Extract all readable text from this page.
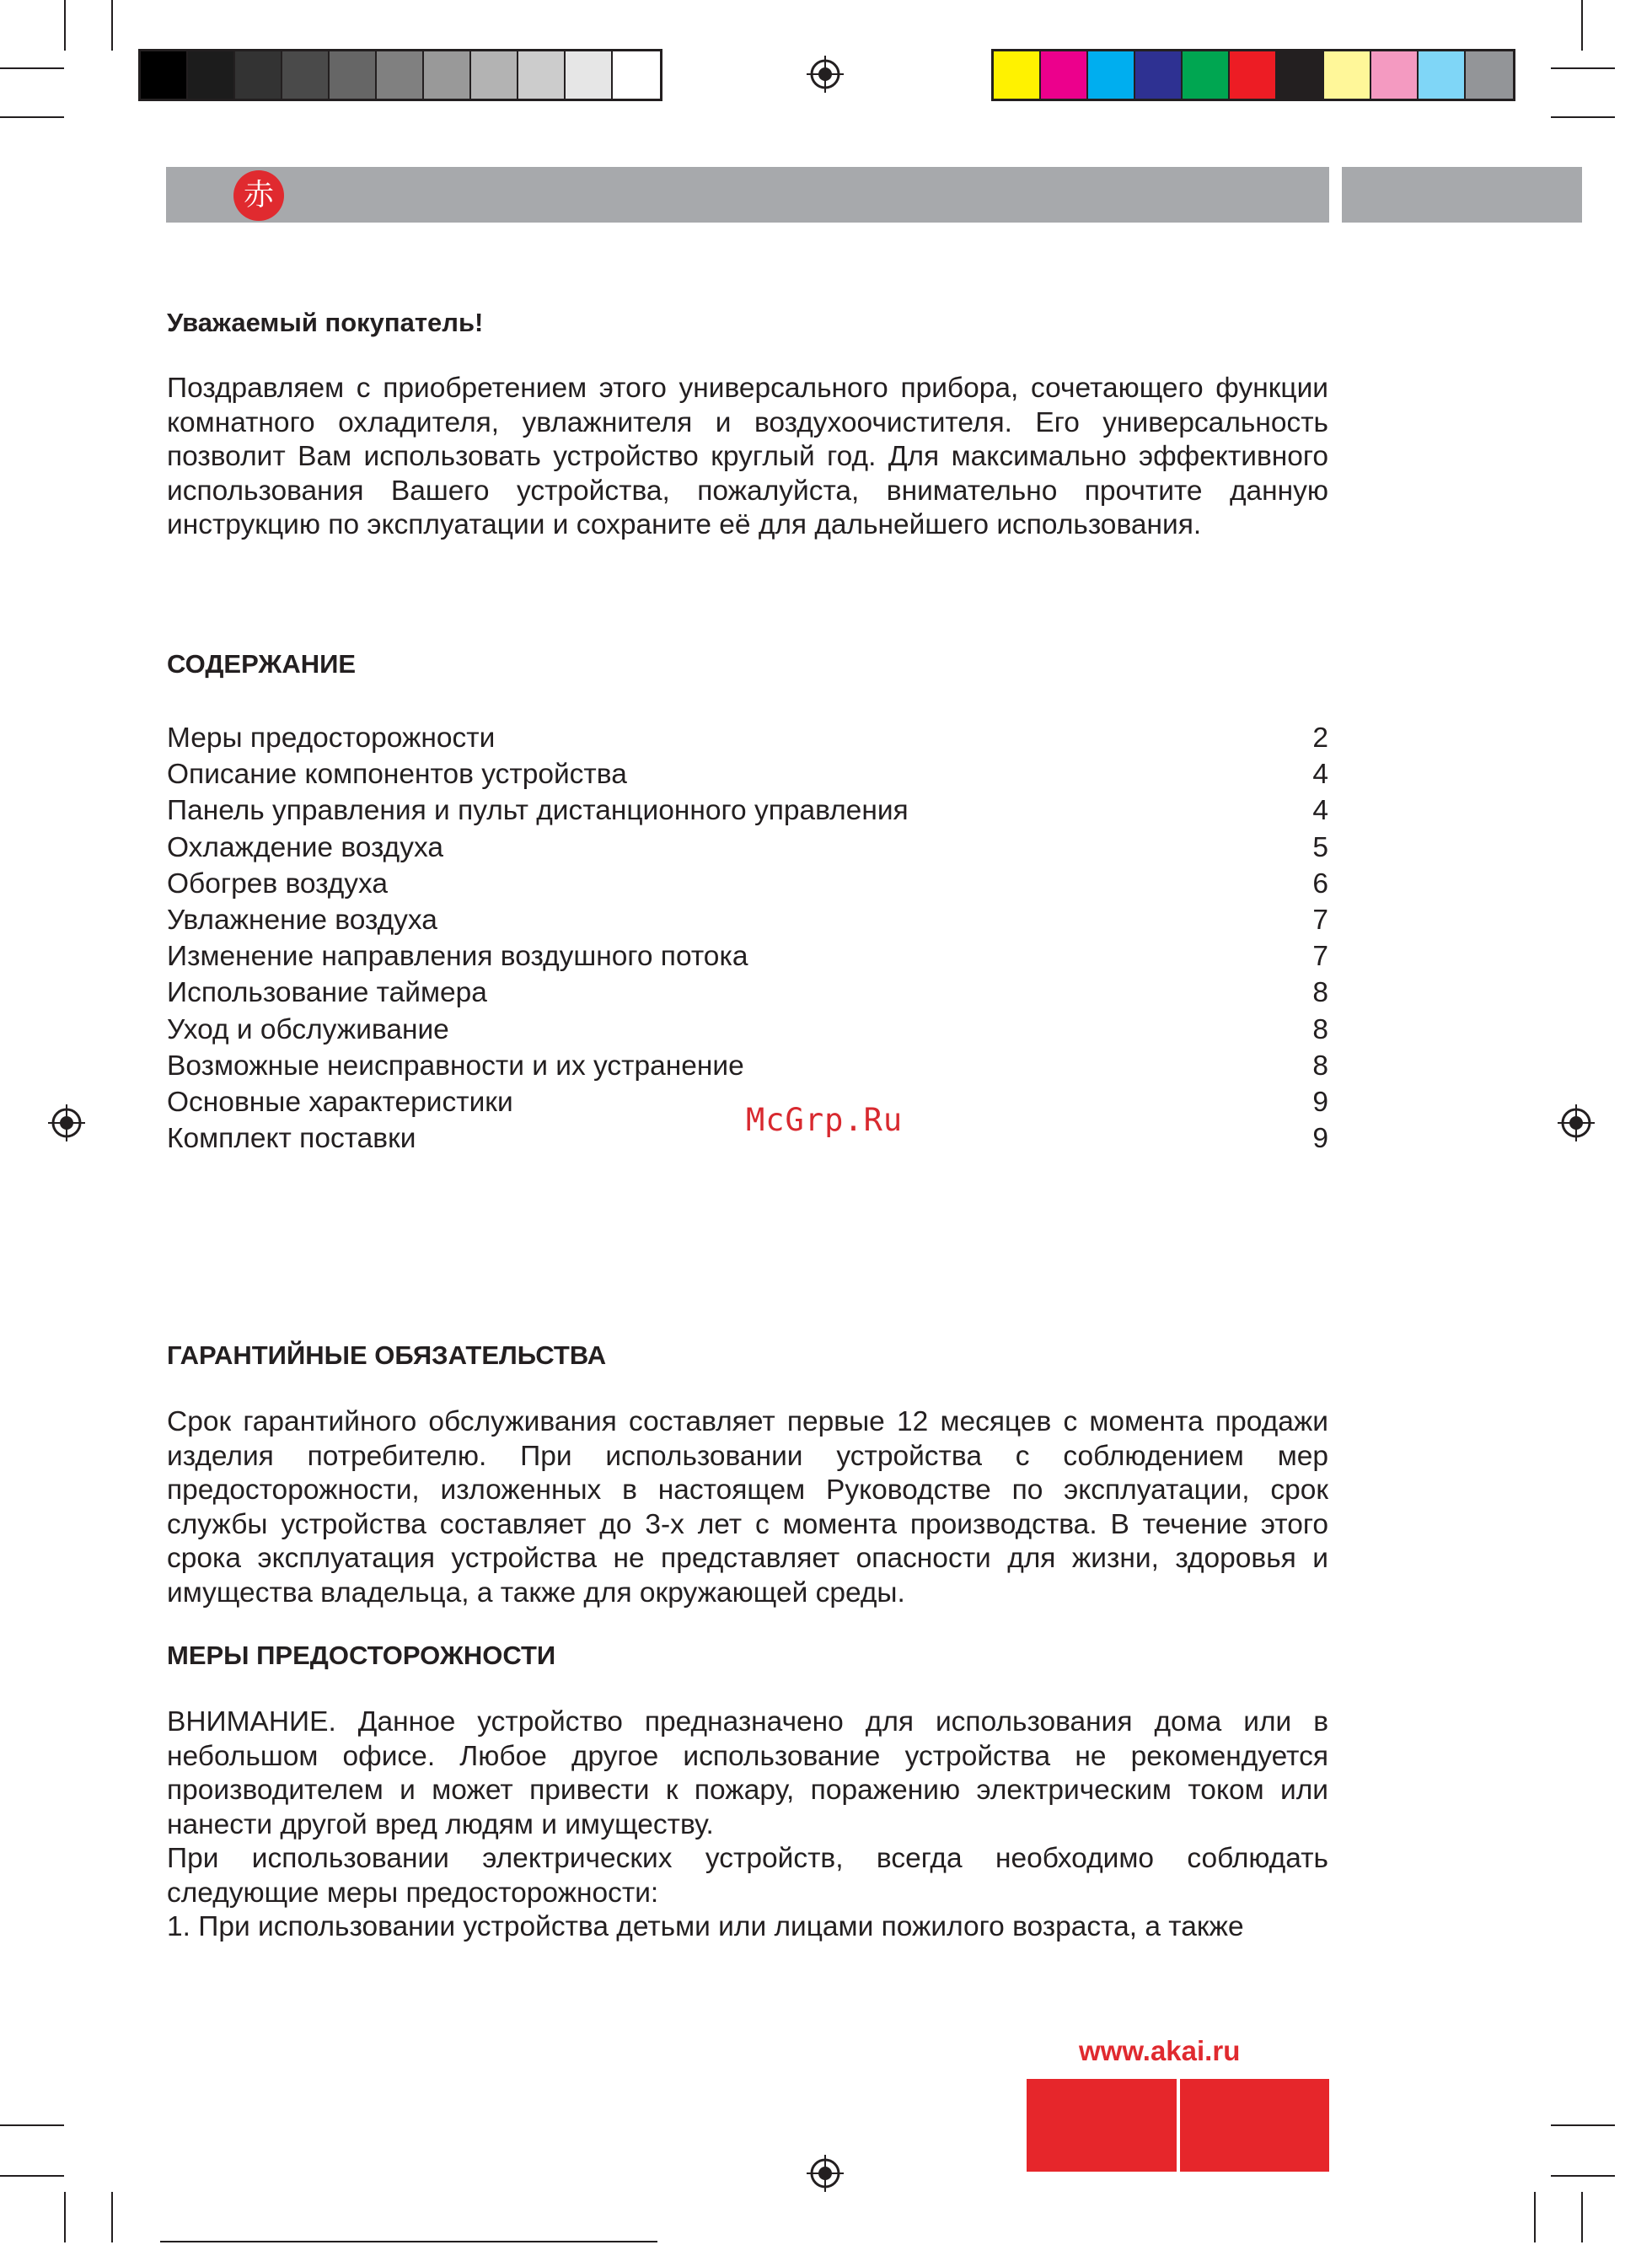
赤
Уважаемый покупатель!

Поздравляем с приобретением этого универсального прибора, сочетающего функции комнатного охладителя, увлажнителя и воздухоочистителя. Его универсальность позволит Вам использовать устройство круглый год. Для максимально эффективного использования Вашего устройства, пожалуйста, внимательно прочтите данную инструкцию по эксплуатации и сохраните её для дальнейшего использования.

СОДЕРЖАНИЕ
Меры предосторожности	2
Описание компонентов устройства	4
Панель управления и пульт дистанционного управления	4
Охлаждение воздуха	5
Обогрев воздуха	6
Увлажнение воздуха	7
Изменение направления воздушного потока	7
Использование таймера	8
Уход и обслуживание	8
Возможные неисправности и их устранение	8
Основные характеристики	9
Комплект поставки	9
McGrp.Ru
ГАРАНТИЙНЫЕ ОБЯЗАТЕЛЬСТВА

Срок гарантийного обслуживания составляет первые 12 месяцев с момента продажи изделия потребителю. При использовании устройства с соблюдением мер предосторожности, изложенных в настоящем Руководстве по эксплуатации, срок службы устройства составляет до 3-х лет с момента производства. В течение этого срока эксплуатация устройства не представляет опасности для жизни, здоровья и имущества владельца, а также для окружающей среды.

МЕРЫ ПРЕДОСТОРОЖНОСТИ

ВНИМАНИЕ. Данное устройство предназначено для использования дома или в небольшом офисе. Любое другое использование устройства не рекомендуется производителем и может привести к пожару, поражению электрическим током или нанести другой вред людям и имуществу.

При использовании электрических устройств, всегда необходимо соблюдать следующие меры предосторожности:

1. При использовании устройства детьми или лицами пожилого возраста, а также

www.akai.ru
